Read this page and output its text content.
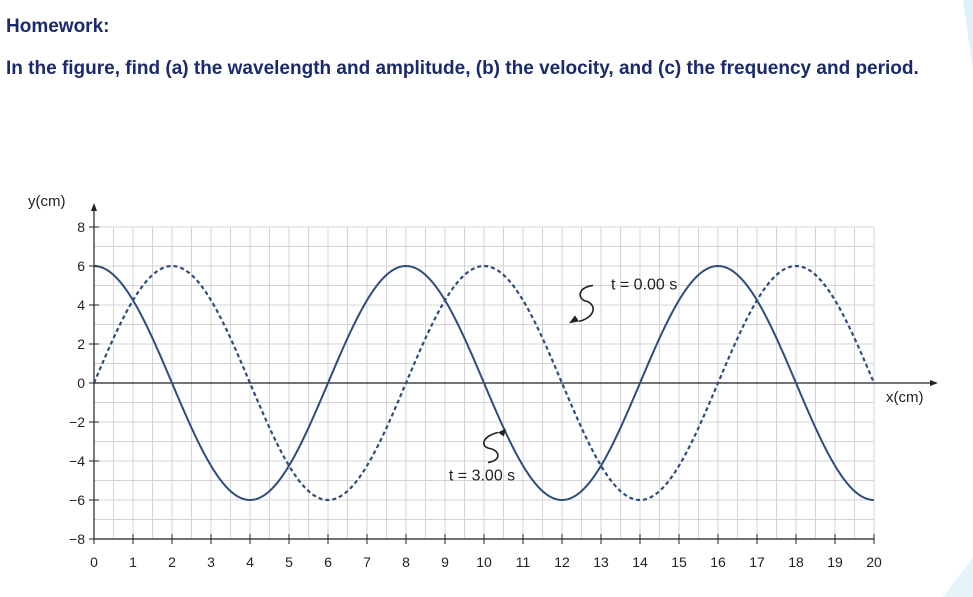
Homework:
In the figure, find (a) the wavelength and amplitude, (b) the velocity, and (c) the frequency and period.
−8
−6
−4
−2
0
2
4
6
8
0 1 2 3 4 5 6 7 8 9 10 11 12 13 14 15 16 17 18 19 20
y(cm)
x(cm)
t = 0.00 s
t = 3.00 s
